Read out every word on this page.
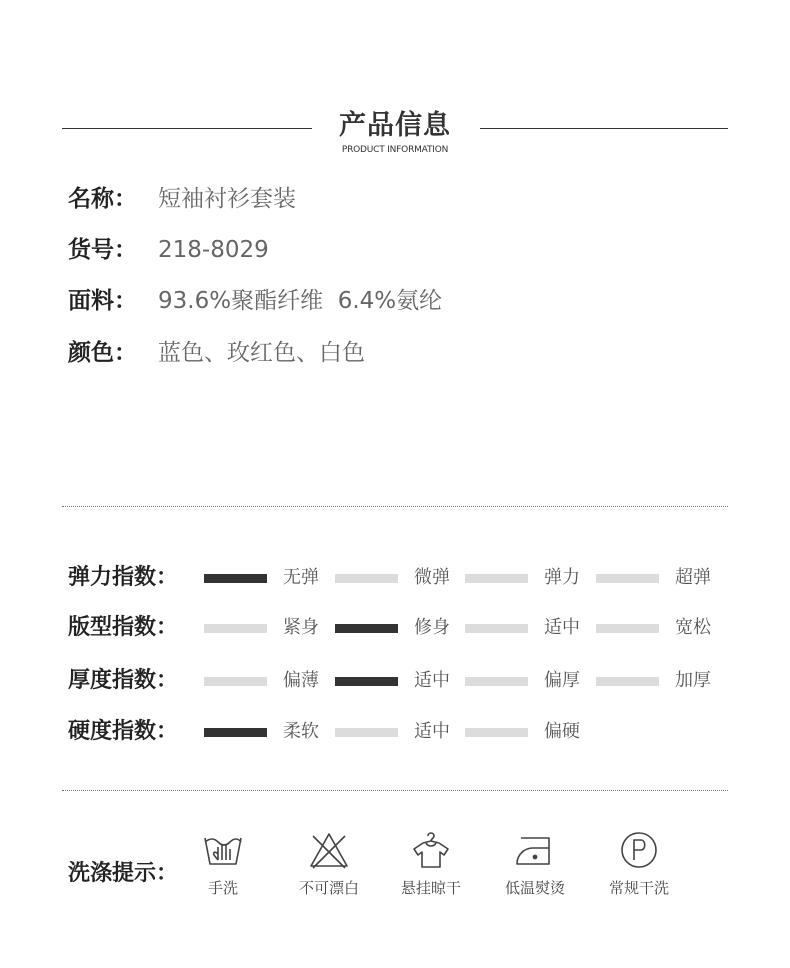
产品信息
PRODUCT INFORMATION
名称： 短袖衬衫套装
货号： 218-8029
面料： 93.6%聚酯纤维  6.4%氨纶
颜色： 蓝色、玫红色、白色
弹力指数：	无弹	微弹	弹力	超弹
版型指数：	紧身	修身	适中	宽松
厚度指数：	偏薄	适中	偏厚	加厚
硬度指数：	柔软	适中	偏硬
洗涤提示：
手洗	不可漂白	悬挂晾干	低温熨烫	常规干洗
